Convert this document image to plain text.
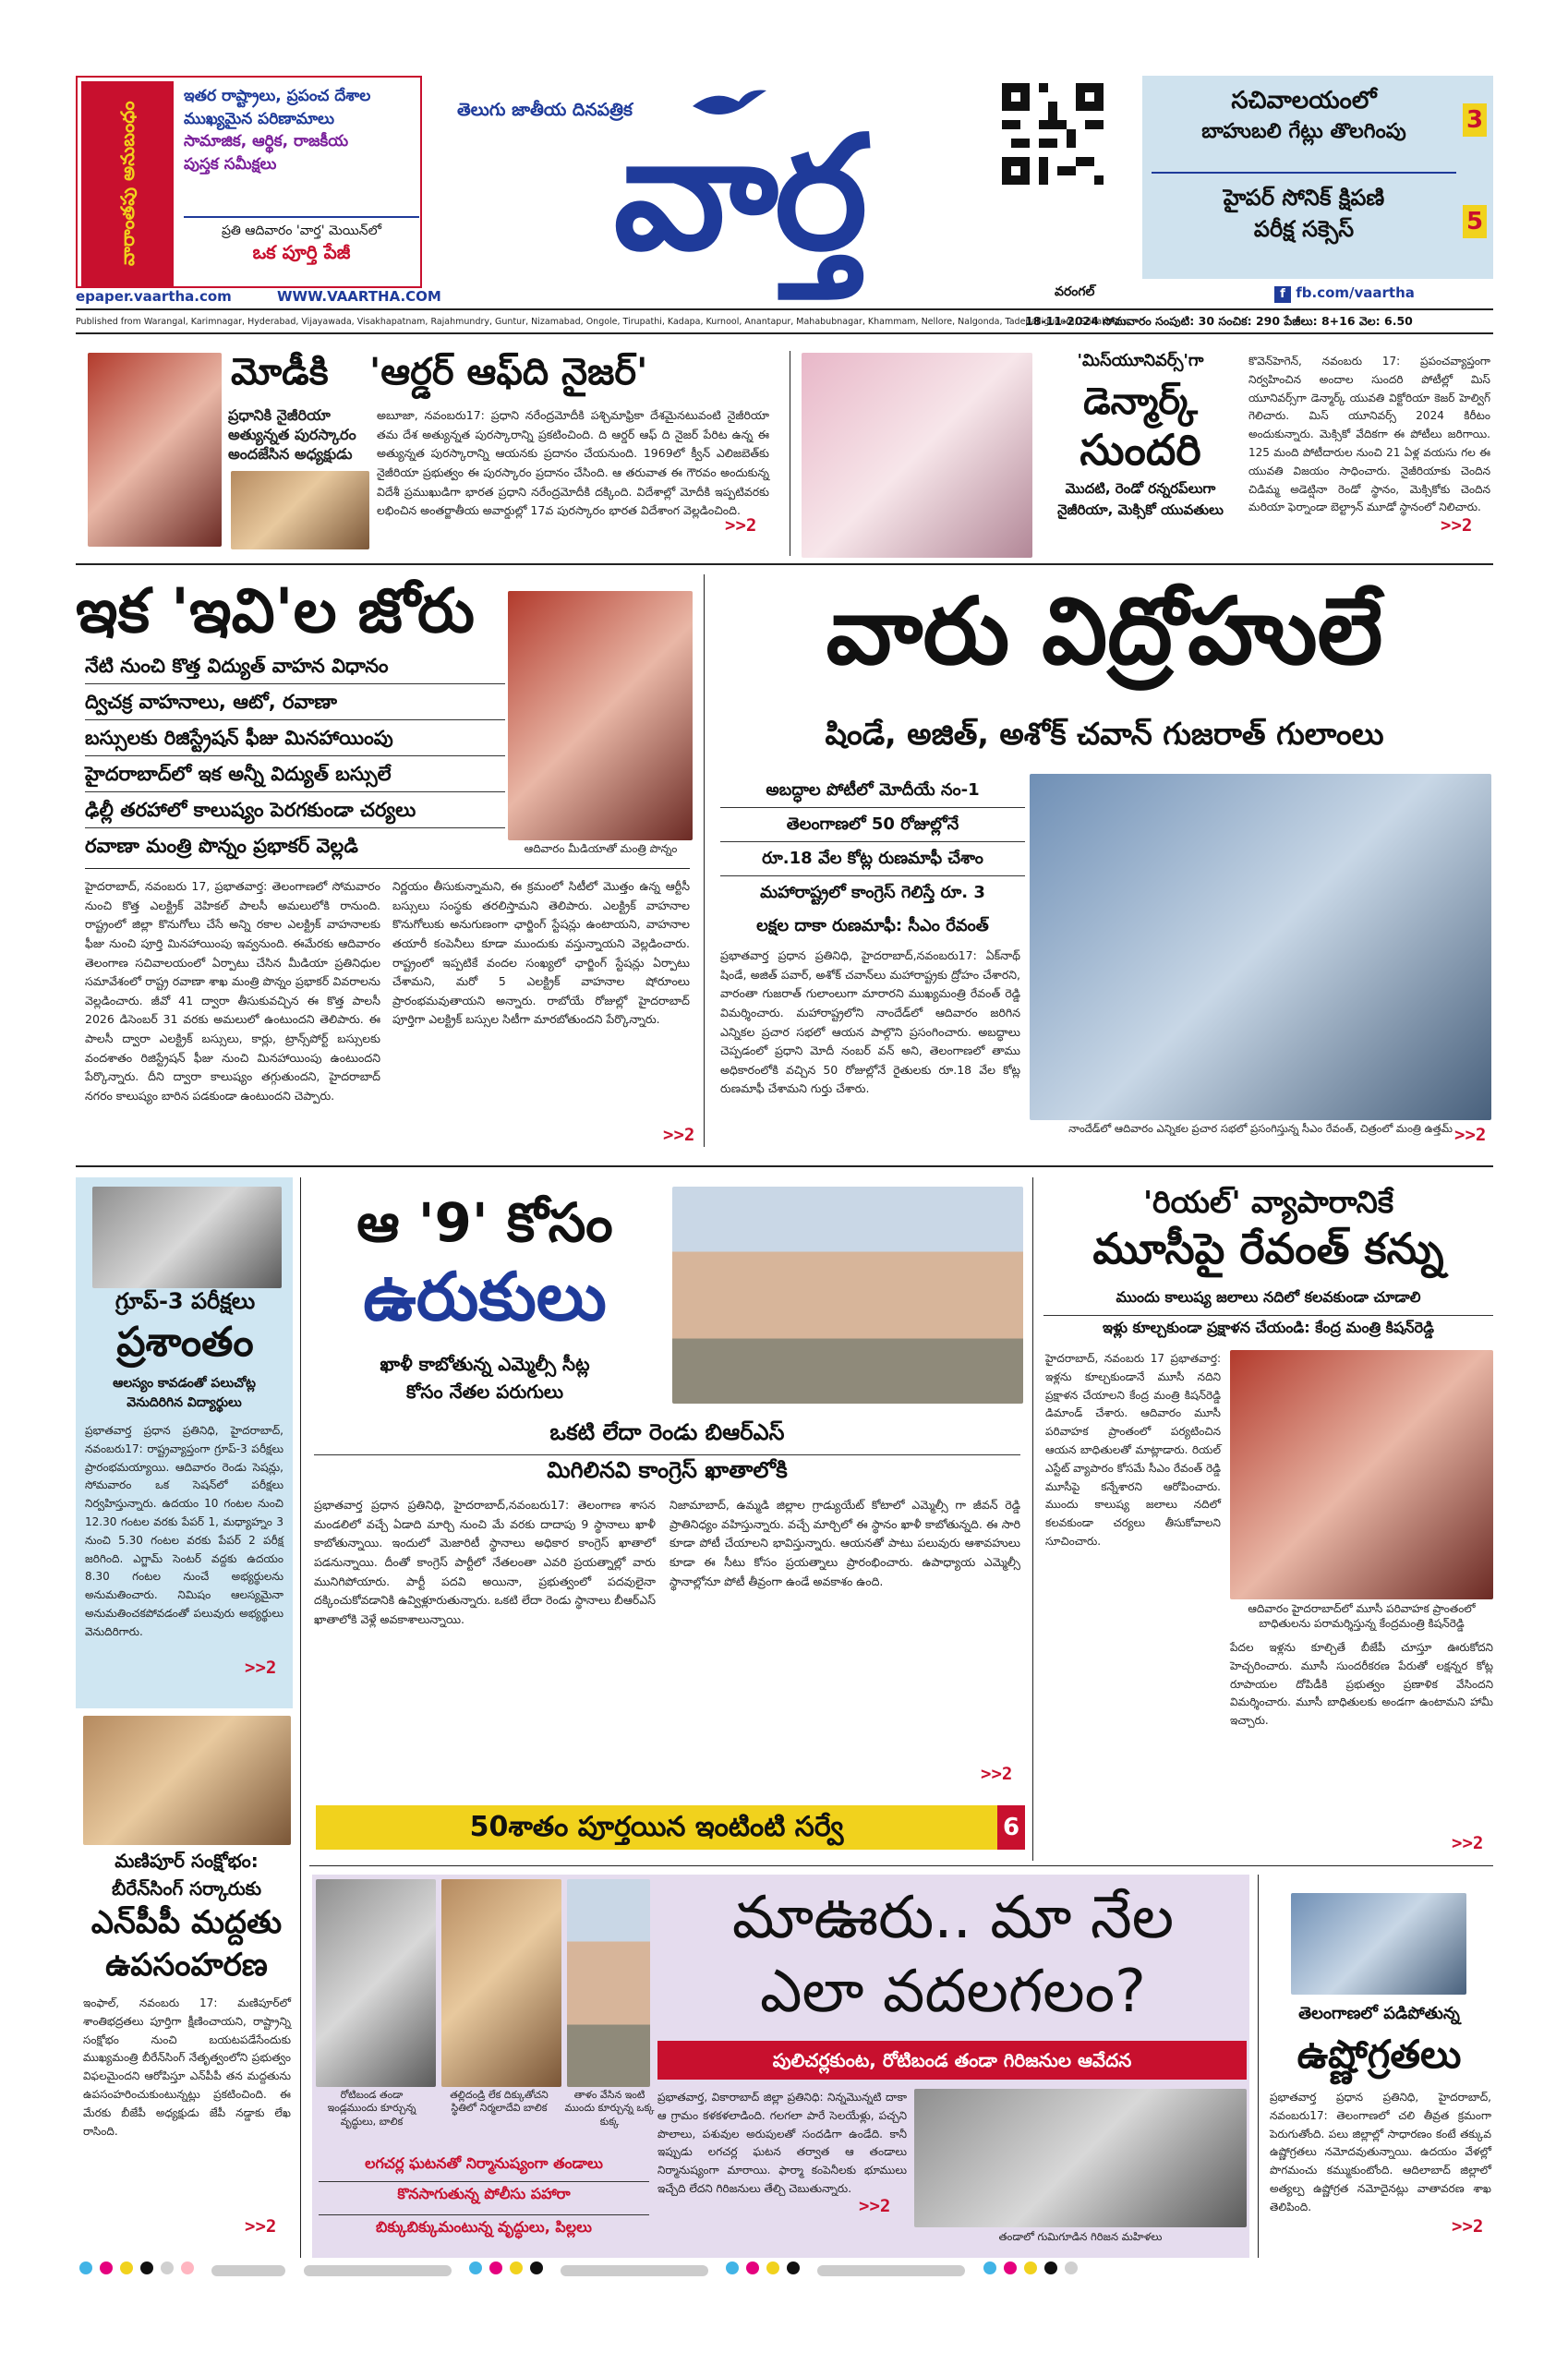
వారాంతపు అనుబంధం
ఇతర రాష్ట్రాలు, ప్రపంచ దేశాల
ముఖ్యమైన పరిణామాలు
సామాజిక, ఆర్థిక, రాజకీయ
పుస్తక సమీక్షలు
ప్రతి ఆదివారం 'వార్త' మెయిన్‌లో
ఒక పూర్తి పేజీ
epaper.vaartha.com	WWW.VAARTHA.COM
తెలుగు జాతీయ దినపత్రిక
వార్త
సచివాలయంలో
బాహుబలి గేట్లు తొలగింపు	3
హైపర్ సోనిక్ క్షిపణి
పరీక్ష సక్సెస్	5
వరంగల్	f fb.com/vaartha
Published from Warangal, Karimnagar, Hyderabad, Vijayawada, Visakhapatnam, Rajahmundry, Guntur, Nizamabad, Ongole, Tirupathi, Kadapa, Kurnool, Anantapur, Mahabubnagar, Khammam, Nellore, Nalgonda, Tadepalligudem, Srikakulam
18-11-2024 సోమవారం సంపుటి: 30 సంచిక: 290 పేజీలు: 8+16 వెల: 6.50
మోడీకి 'ఆర్డర్ ఆఫ్‌ది నైజర్'
ప్రధానికి నైజీరియా అత్యున్నత పురస్కారం అందజేసిన అధ్యక్షుడు
అబూజా, నవంబరు17: ప్రధాని నరేంద్రమోదీకి పశ్చిమాఫ్రికా దేశమైనటువంటి నైజీరియా తమ దేశ అత్యున్నత పురస్కారాన్ని ప్రకటించింది. ది ఆర్డర్ ఆఫ్ ది నైజర్ పేరిట ఉన్న ఈ అత్యున్నత పురస్కారాన్ని ఆయనకు ప్రదానం చేయనుంది. 1969లో క్వీన్ ఎలిజబెత్‌కు నైజీరియా ప్రభుత్వం ఈ పురస్కారం ప్రదానం చేసింది. ఆ తరువాత ఈ గౌరవం అందుకున్న విదేశీ ప్రముఖుడిగా భారత ప్రధాని నరేంద్రమోదీకి దక్కింది. విదేశాల్లో మోదీకి ఇప్పటివరకు లభించిన అంతర్జాతీయ అవార్డుల్లో 17వ పురస్కారం భారత విదేశాంగ వెల్లడించింది.
>>2
'మిస్‌యూనివర్స్'గా
డెన్మార్క్
సుందరి
మొదటి, రెండో రన్నరప్‌లుగా నైజీరియా, మెక్సికో యువతులు
కొవెన్‌హెగెన్, నవంబరు 17: ప్రపంచవ్యాప్తంగా నిర్వహించిన అందాల సుందరి పోటీల్లో మిస్ యూనివర్స్‌గా డెన్మార్క్ యువతి విక్టోరియా కెజర్ హెల్విగ్ గెలిచారు. మిస్ యూనివర్స్ 2024 కిరీటం అందుకున్నారు. మెక్సికో వేదికగా ఈ పోటీలు జరిగాయి. 125 మంది పోటీదారుల నుంచి 21 ఏళ్ల వయసు గల ఈ యువతి విజయం సాధించారు. నైజీరియాకు చెందిన చిడిమ్మ అడెట్షినా రెండో స్థానం, మెక్సికోకు చెందిన మరియా ఫెర్నాండా బెల్ట్రాన్ మూడో స్థానంలో నిలిచారు.
>>2
ఇక 'ఇవి'ల జోరు
ఆదివారం మీడియాతో మంత్రి పొన్నం
నేటి నుంచి కొత్త విద్యుత్ వాహన విధానం
ద్విచక్ర వాహనాలు, ఆటో, రవాణా
బస్సులకు రిజిస్ట్రేషన్ ఫీజు మినహాయింపు
హైదరాబాద్‌లో ఇక అన్నీ విద్యుత్ బస్సులే
ఢిల్లీ తరహాలో కాలుష్యం పెరగకుండా చర్యలు
రవాణా మంత్రి పొన్నం ప్రభాకర్ వెల్లడి
హైదరాబాద్, నవంబరు 17, ప్రభాతవార్త: తెలంగాణలో సోమవారం నుంచి కొత్త ఎలక్ట్రిక్ వెహికల్ పాలసీ అమలులోకి రానుంది. రాష్ట్రంలో జిల్లా కొనుగోలు చేసే అన్ని రకాల ఎలక్ట్రిక్ వాహనాలకు ఫీజు నుంచి పూర్తి మినహాయింపు ఇవ్వనుంది. ఈమేరకు ఆదివారం తెలంగాణ సచివాలయంలో ఏర్పాటు చేసిన మీడియా ప్రతినిధుల సమావేశంలో రాష్ట్ర రవాణా శాఖ మంత్రి పొన్నం ప్రభాకర్ వివరాలను వెల్లడించారు. జీవో 41 ద్వారా తీసుకువచ్చిన ఈ కొత్త పాలసీ 2026 డిసెంబర్ 31 వరకు అమలులో ఉంటుందని తెలిపారు. ఈ పాలసీ ద్వారా ఎలక్ట్రిక్ బస్సులు, కార్లు, ట్రాన్స్‌పోర్ట్ బస్సులకు వందశాతం రిజిస్ట్రేషన్ ఫీజు నుంచి మినహాయింపు ఉంటుందని పేర్కొన్నారు. దీని ద్వారా కాలుష్యం తగ్గుతుందని, హైదరాబాద్ నగరం కాలుష్యం బారిన పడకుండా ఉంటుందని చెప్పారు.
నిర్ణయం తీసుకున్నామని, ఈ క్రమంలో సిటీలో మొత్తం ఉన్న ఆర్టీసీ బస్సులు సంస్థకు తరలిస్తామని తెలిపారు. ఎలక్ట్రిక్ వాహనాల కొనుగోలుకు అనుగుణంగా ఛార్జింగ్ స్టేషన్లు ఉంటాయని, వాహనాల తయారీ కంపెనీలు కూడా ముందుకు వస్తున్నాయని వెల్లడించారు. రాష్ట్రంలో ఇప్పటికే వందల సంఖ్యలో ఛార్జింగ్ స్టేషన్లు ఏర్పాటు చేశామని, మరో 5 ఎలక్ట్రిక్ వాహనాల షోరూంలు ప్రారంభమవుతాయని అన్నారు. రాబోయే రోజుల్లో హైదరాబాద్ పూర్తిగా ఎలక్ట్రిక్ బస్సుల సిటీగా మారబోతుందని పేర్కొన్నారు.
>>2
వారు విద్రోహులే
షిండే, అజిత్, అశోక్ చవాన్ గుజరాత్ గులాంలు
అబద్ధాల పోటీలో మోదీయే నం-1
తెలంగాణలో 50 రోజుల్లోనే
రూ.18 వేల కోట్ల రుణమాఫీ చేశాం
మహారాష్ట్రలో కాంగ్రెస్ గెలిస్తే రూ. 3
లక్షల దాకా రుణమాఫీ: సీఎం రేవంత్
ప్రభాతవార్త ప్రధాన ప్రతినిధి, హైదరాబాద్,నవంబరు17: ఏక్‌నాథ్ షిండే, అజిత్ పవార్, అశోక్ చవాన్‌లు మహారాష్ట్రకు ద్రోహం చేశారని, వారంతా గుజరాత్ గులాంలుగా మారారని ముఖ్యమంత్రి రేవంత్ రెడ్డి విమర్శించారు. మహారాష్ట్రలోని నాందేడ్‌లో ఆదివారం జరిగిన ఎన్నికల ప్రచార సభలో ఆయన పాల్గొని ప్రసంగించారు. అబద్ధాలు చెప్పడంలో ప్రధాని మోదీ నంబర్ వన్ అని, తెలంగాణలో తాము అధికారంలోకి వచ్చిన 50 రోజుల్లోనే రైతులకు రూ.18 వేల కోట్ల రుణమాఫీ చేశామని గుర్తు చేశారు.
నాందేడ్‌లో ఆదివారం ఎన్నికల ప్రచార సభలో ప్రసంగిస్తున్న సీఎం రేవంత్, చిత్రంలో మంత్రి ఉత్తమ్ >>2
గ్రూప్-3 పరీక్షలు
ప్రశాంతం
ఆలస్యం కావడంతో పలుచోట్ల వెనుదిరిగిన విద్యార్థులు
ప్రభాతవార్త ప్రధాన ప్రతినిధి, హైదరాబాద్, నవంబరు17: రాష్ట్రవ్యాప్తంగా గ్రూప్-3 పరీక్షలు ప్రారంభమయ్యాయి. ఆదివారం రెండు సెషన్లు, సోమవారం ఒక సెషన్‌లో పరీక్షలు నిర్వహిస్తున్నారు. ఉదయం 10 గంటల నుంచి 12.30 గంటల వరకు పేపర్ 1, మధ్యాహ్నం 3 నుంచి 5.30 గంటల వరకు పేపర్ 2 పరీక్ష జరిగింది. ఎగ్జామ్ సెంటర్ వద్దకు ఉదయం 8.30 గంటల నుంచే అభ్యర్థులను అనుమతించారు. నిమిషం ఆలస్యమైనా అనుమతించకపోవడంతో పలువురు అభ్యర్థులు వెనుదిరిగారు.
>>2
మణిపూర్ సంక్షోభం:
బీరేన్‌సింగ్ సర్కారుకు
ఎన్‌పీపీ మద్దతు
ఉపసంహరణ
ఇంఫాల్, నవంబరు 17: మణిపూర్‌లో శాంతిభద్రతలు పూర్తిగా క్షీణించాయని, రాష్ట్రాన్ని సంక్షోభం నుంచి బయటపడేసేందుకు ముఖ్యమంత్రి బీరేన్‌సింగ్ నేతృత్వంలోని ప్రభుత్వం విఫలమైందని ఆరోపిస్తూ ఎన్‌పీపీ తన మద్దతును ఉపసంహరించుకుంటున్నట్లు ప్రకటించింది. ఈ మేరకు బీజేపీ అధ్యక్షుడు జేపీ నడ్డాకు లేఖ రాసింది.
>>2
ఆ '9' కోసం
ఉరుకులు
ఖాళీ కాబోతున్న ఎమ్మెల్సీ సీట్ల
కోసం నేతల పరుగులు
ఒకటి లేదా రెండు బిఆర్ఎస్
మిగిలినవి కాంగ్రెస్ ఖాతాలోకి
ప్రభాతవార్త ప్రధాన ప్రతినిధి, హైదరాబాద్,నవంబరు17: తెలంగాణ శాసన మండలిలో వచ్చే ఏడాది మార్చి నుంచి మే వరకు దాదాపు 9 స్థానాలు ఖాళీ కాబోతున్నాయి. ఇందులో మెజారిటీ స్థానాలు అధికార కాంగ్రెస్ ఖాతాలో పడనున్నాయి. దీంతో కాంగ్రెస్ పార్టీలో నేతలంతా ఎవరి ప్రయత్నాల్లో వారు మునిగిపోయారు. పార్టీ పదవి అయినా, ప్రభుత్వంలో పదవులైనా దక్కించుకోవడానికి ఉవ్విళ్లూరుతున్నారు. ఒకటి లేదా రెండు స్థానాలు బీఆర్ఎస్ ఖాతాలోకి వెళ్లే అవకాశాలున్నాయి.
నిజామాబాద్, ఉమ్మడి జిల్లాల గ్రాడ్యుయేట్ కోటాలో ఎమ్మెల్సీ గా జీవన్ రెడ్డి ప్రాతినిధ్యం వహిస్తున్నారు. వచ్చే మార్చిలో ఈ స్థానం ఖాళీ కాబోతున్నది. ఈ సారి కూడా పోటీ చేయాలని భావిస్తున్నారు. ఆయనతో పాటు పలువురు ఆశావహులు కూడా ఈ సీటు కోసం ప్రయత్నాలు ప్రారంభించారు. ఉపాధ్యాయ ఎమ్మెల్సీ స్థానాల్లోనూ పోటీ తీవ్రంగా ఉండే అవకాశం ఉంది.
>>2
50శాతం పూర్తయిన ఇంటింటి సర్వే	6
'రియల్' వ్యాపారానికే
మూసీపై రేవంత్ కన్ను
ముందు కాలుష్య జలాలు నదిలో కలవకుండా చూడాలి
ఇళ్లు కూల్చకుండా ప్రక్షాళన చేయండి: కేంద్ర మంత్రి కిషన్‌రెడ్డి
హైదరాబాద్, నవంబరు 17 ప్రభాతవార్త: ఇళ్లను కూల్చకుండానే మూసీ నదిని ప్రక్షాళన చేయాలని కేంద్ర మంత్రి కిషన్‌రెడ్డి డిమాండ్ చేశారు. ఆదివారం మూసీ పరివాహక ప్రాంతంలో పర్యటించిన ఆయన బాధితులతో మాట్లాడారు. రియల్ ఎస్టేట్ వ్యాపారం కోసమే సీఎం రేవంత్ రెడ్డి మూసీపై కన్నేశారని ఆరోపించారు. ముందు కాలుష్య జలాలు నదిలో కలవకుండా చర్యలు తీసుకోవాలని సూచించారు.
ఆదివారం హైదరాబాద్‌లో మూసీ పరివాహక ప్రాంతంలో బాధితులను పరామర్శిస్తున్న కేంద్రమంత్రి కిషన్‌రెడ్డి
పేదల ఇళ్లను కూల్చితే బీజేపీ చూస్తూ ఊరుకోదని హెచ్చరించారు. మూసీ సుందరీకరణ పేరుతో లక్షన్నర కోట్ల రూపాయల దోపిడీకి ప్రభుత్వం ప్రణాళిక వేసిందని విమర్శించారు. మూసీ బాధితులకు అండగా ఉంటామని హామీ ఇచ్చారు.
>>2
రోటిబండ తండా ఇండ్లముందు కూర్చున్న వృద్ధులు, బాలిక
తల్లిదండ్రి లేక దిక్కుతోచని స్థితిలో నిర్మలాదేవి బాలిక
తాళం వేసిన ఇంటి ముందు కూర్చున్న ఒక్క కుక్క
లగచర్ల ఘటనతో నిర్మానుష్యంగా తండాలు
కొనసాగుతున్న పోలీసు పహారా
బిక్కుబిక్కుమంటున్న వృద్ధులు, పిల్లలు
మాఊరు.. మా నేల
ఎలా వదలగలం?
పులిచర్లకుంట, రోటిబండ తండా గిరిజనుల ఆవేదన
ప్రభాతవార్త, వికారాబాద్ జిల్లా ప్రతినిధి: నిన్నమొన్నటి దాకా ఆ గ్రామం కళకళలాడింది. గలగలా పారే సెలయేళ్లు, పచ్చని పొలాలు, పశువుల అరుపులతో సందడిగా ఉండేది. కానీ ఇప్పుడు లగచర్ల ఘటన తర్వాత ఆ తండాలు నిర్మానుష్యంగా మారాయి. ఫార్మా కంపెనీలకు భూములు ఇచ్చేది లేదని గిరిజనులు తేల్చి చెబుతున్నారు.
>>2
తండాలో గుమిగూడిన గిరిజన మహిళలు
తెలంగాణలో పడిపోతున్న
ఉష్ణోగ్రతలు
ప్రభాతవార్త ప్రధాన ప్రతినిధి, హైదరాబాద్, నవంబరు17: తెలంగాణలో చలి తీవ్రత క్రమంగా పెరుగుతోంది. పలు జిల్లాల్లో సాధారణం కంటే తక్కువ ఉష్ణోగ్రతలు నమోదవుతున్నాయి. ఉదయం వేళల్లో పొగమంచు కమ్ముకుంటోంది. ఆదిలాబాద్ జిల్లాలో అత్యల్ప ఉష్ణోగ్రత నమోదైనట్లు వాతావరణ శాఖ తెలిపింది.
>>2
